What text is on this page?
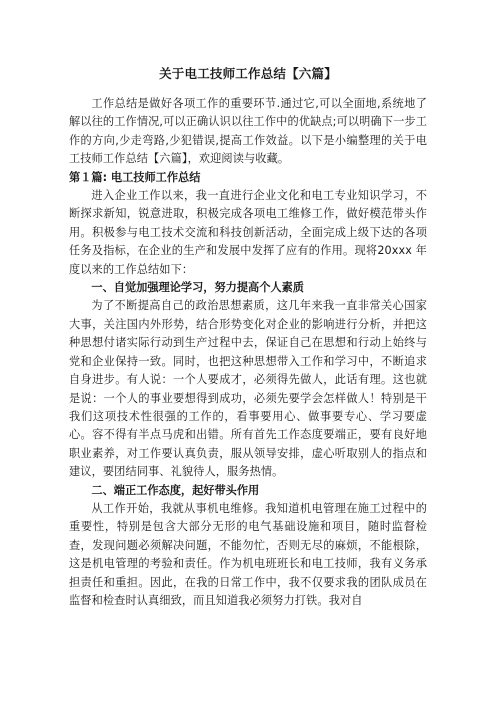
关于电工技师工作总结【六篇】

工作总结是做好各项工作的重要环节.通过它,可以全面地,系统地了解以往的工作情况,可以正确认识以往工作中的优缺点;可以明确下一步工作的方向,少走弯路,少犯错误,提高工作效益。以下是小编整理的关于电工技师工作总结【六篇】，欢迎阅读与收藏。

第１篇: 电工技师工作总结

进入企业工作以来，我一直进行企业文化和电工专业知识学习，不断探求新知，锐意进取，积极完成各项电工维修工作，做好模范带头作用。积极参与电工技术交流和科技创新活动，全面完成上级下达的各项任务及指标，在企业的生产和发展中发挥了应有的作用。现将20xxx 年度以来的工作总结如下：

一、自觉加强理论学习，努力提高个人素质

为了不断提高自己的政治思想素质，这几年来我一直非常关心国家大事，关注国内外形势，结合形势变化对企业的影响进行分析，并把这种思想付诸实际行动到生产过程中去，保证自己在思想和行动上始终与党和企业保持一致。同时，也把这种思想带入工作和学习中，不断追求自身进步。有人说：一个人要成才，必须得先做人，此话有理。这也就是说：一个人的事业要想得到成功，必须先要学会怎样做人！特别是干我们这项技术性很强的工作的，看事要用心、做事要专心、学习要虚心。容不得有半点马虎和出错。所有首先工作态度要端正，要有良好地职业素养，对工作要认真负责，服从领导安排，虚心听取别人的指点和建议，要团结同事、礼貌待人，服务热情。

二、端正工作态度，起好带头作用

从工作开始，我就从事机电维修。我知道机电管理在施工过程中的重要性，特别是包含大部分无形的电气基础设施和项目，随时监督检查，发现问题必须解决问题，不能勿忙，否则无尽的麻烦，不能根除，这是机电管理的考验和责任。作为机电班班长和电工技师，我有义务承担责任和重担。因此，在我的日常工作中，我不仅要求我的团队成员在监督和检查时认真细致，而且知道我必须努力打铁。我对自
